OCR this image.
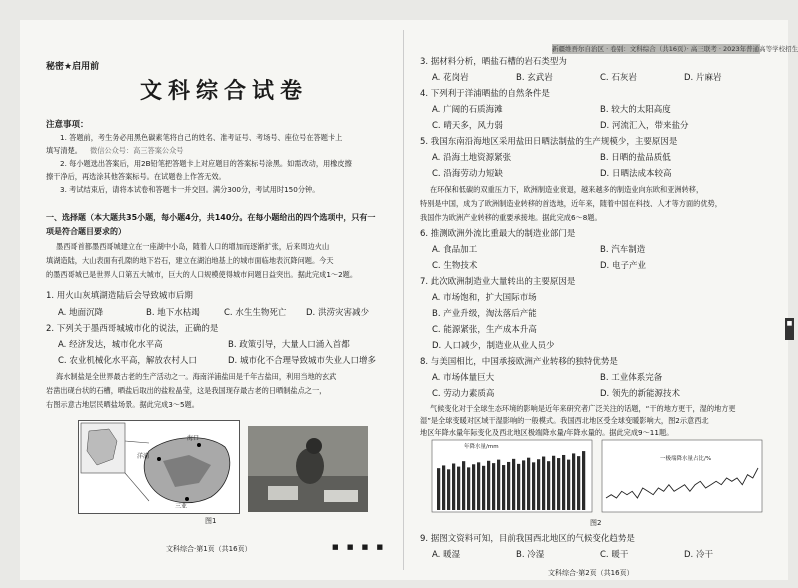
秘密★启用前
文科综合试卷
注意事项：
1. 答题前，考生务必用黑色碳素笔将自己的姓名、准考证号、考场号、座位号在答题卡上
填写清楚。 微信公众号：高三答案公众号
2. 每小题选出答案后，用2B铅笔把答题卡上对应题目的答案标号涂黑。如需改动，用橡皮擦
擦干净后，再选涂其他答案标号。在试题卷上作答无效。
3. 考试结束后，请将本试卷和答题卡一并交回。满分300分，考试用时150分钟。
一、选择题（本大题共35小题，每小题4分，共140分。在每小题给出的四个选项中，只有一
项是符合题目要求的）
墨西哥首都墨西哥城建立在一座湖中小岛，随着人口的增加而逐渐扩张，后来周边火山
填湖造陆，大山表面有孔隙的地下岩石，建立在湖泊地基上的城市面临地表沉降问题。今天
的墨西哥城已是世界人口第五大城市，巨大的人口规模使得城市问题日益突出。据此完成1～2题。
1. 用火山灰填湖造陆后会导致城市后期
A. 地面沉降	B. 地下水枯竭	C. 水生生物死亡 D. 洪涝灾害减少
2. 下列关于墨西哥城城市化的说法，正确的是
A. 经济发达，城市化水平高	B. 政策引导，大量人口涌入首都
C. 农业机械化水平高，解放农村人口	D. 城市化不合理导致城市失业人口增多
海水制盐是全世界最古老的生产活动之一。海南洋浦盐田是千年古盐田，利用当地的玄武
岩凿出砚台状的石槽，晒盐后取出的盐粒晶莹，这是我国现存最古老的日晒制盐点之一，
右图示意古地层民晒盐场景。据此完成3～5题。
洋浦
海口
三亚
图1
文科综合·第1页（共16页）	■ ■ ■ ■
新疆维吾尔自治区 · 卷别：文科综合（共16页）· 高三联考 · 2023年普通高等学校招生
3. 据材料分析，晒盐石槽的岩石类型为
A. 花岗岩	B. 玄武岩	C. 石灰岩	D. 片麻岩
4. 下列利于洋浦晒盐的自然条件是
A. 广阔的石质海滩	B. 较大的太阳高度
C. 晴天多，风力弱	D. 河流汇入，带来盐分
5. 我国东南沿海地区采用盐田日晒法制盐的生产规模少，主要原因是
A. 沿海土地资源紧张	B. 日晒的盐品质低
C. 沿海劳动力短缺	D. 日晒法成本较高
在环保和低碳的双重压力下，欧洲制造业衰退，越来越多的制造业向东欧和亚洲转移，
特别是中国，成为了欧洲制造业转移的首选地，近年来，随着中国在科技、人才等方面的优势，
我国作为欧洲产业转移的重要承接地。据此完成6～8题。
6. 推测欧洲外流比重最大的制造业部门是
A. 食品加工	B. 汽车制造
C. 生物技术	D. 电子产业
7. 此次欧洲制造业大量转出的主要原因是
A. 市场饱和，扩大国际市场
B. 产业升级，淘汰落后产能
C. 能源紧张，生产成本升高
D. 人口减少，制造业从业人员少
8. 与美国相比，中国承接欧洲产业转移的独特优势是
A. 市场体量巨大	B. 工业体系完备
C. 劳动力素质高	D. 领先的新能源技术
气候变化对于全球生态环境的影响是近年来研究者广泛关注的话题，“干的地方更干，湿的地方更
湿”是全球变暖对区域干湿影响的一般模式。我国西北地区受全球变暖影响大，图2示意西北
地区年降水量年际变化及西北地区极端降水量/年降水量的。据此完成9～11题。
年降水量/mm
一极端降水量占比/%
图2
9. 据图文资料可知，目前我国西北地区的气候变化趋势是
A. 暖湿	B. 冷湿	C. 暖干	D. 冷干
文科综合·第2页（共16页）
■
